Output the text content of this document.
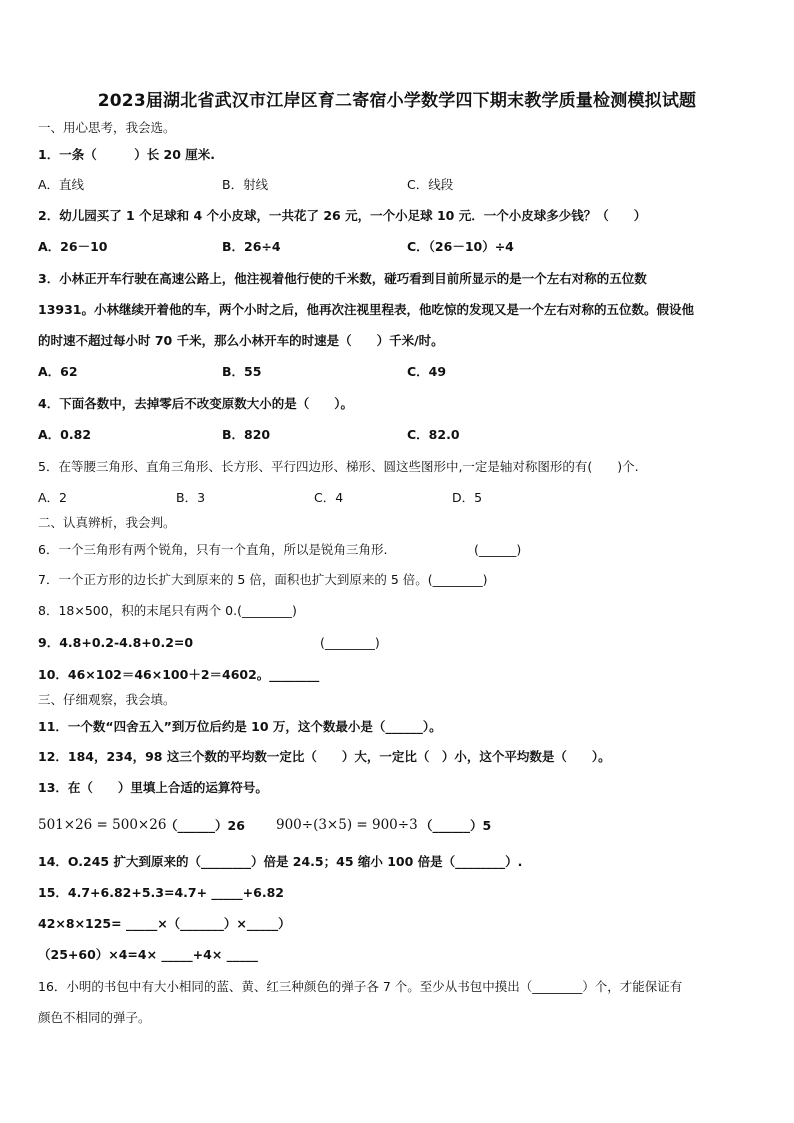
2023届湖北省武汉市江岸区育二寄宿小学数学四下期末教学质量检测模拟试题
一、用心思考，我会选。
1．一条（　　　）长 20 厘米.
A．直线	B．射线	C．线段
2．幼儿园买了 1 个足球和 4 个小皮球，一共花了 26 元，一个小足球 10 元．一个小皮球多少钱？（　　）
A．26－10	B．26÷4	C．（26－10）÷4
3．小林正开车行驶在高速公路上，他注视着他行使的千米数，碰巧看到目前所显示的是一个左右对称的五位数
13931。小林继续开着他的车，两个小时之后，他再次注视里程表，他吃惊的发现又是一个左右对称的五位数。假设他
的时速不超过每小时 70 千米，那么小林开车的时速是（　　）千米/时。
A．62	B．55	C．49
4．下面各数中，去掉零后不改变原数大小的是（　　）。
A．0.82	B．820	C．82.0
5．在等腰三角形、直角三角形、长方形、平行四边形、梯形、圆这些图形中,一定是轴对称图形的有(　　)个.
A．2	B．3	C．4	D．5
二、认真辨析，我会判。
6．一个三角形有两个锐角，只有一个直角，所以是锐角三角形.	(______)
7．一个正方形的边长扩大到原来的 5 倍，面积也扩大到原来的 5 倍。(________)
8．18×500，积的末尾只有两个 0.(________)
9．4.8+0.2-4.8+0.2=0	(________)
10．46×102＝46×100＋2＝4602。________
三、仔细观察，我会填。
11．一个数“四舍五入”到万位后约是 10 万，这个数最小是（______）。
12．184，234，98 这三个数的平均数一定比（　　）大，一定比（　）小，这个平均数是（　　）。
13．在（　　）里填上合适的运算符号。
501×26 = 500×26
（______）26 900÷(3×5) = 900÷3 （______）5
14．O.245 扩大到原来的（________）倍是 24.5；45 缩小 100 倍是（________）.
15．4.7+6.82+5.3=4.7+ _____+6.82
42×8×125= _____×（_______）×_____）
（25+60）×4=4× _____+4× _____
16．小明的书包中有大小相同的蓝、黄、红三种颜色的弹子各 7 个。至少从书包中摸出（________）个，才能保证有
颜色不相同的弹子。
